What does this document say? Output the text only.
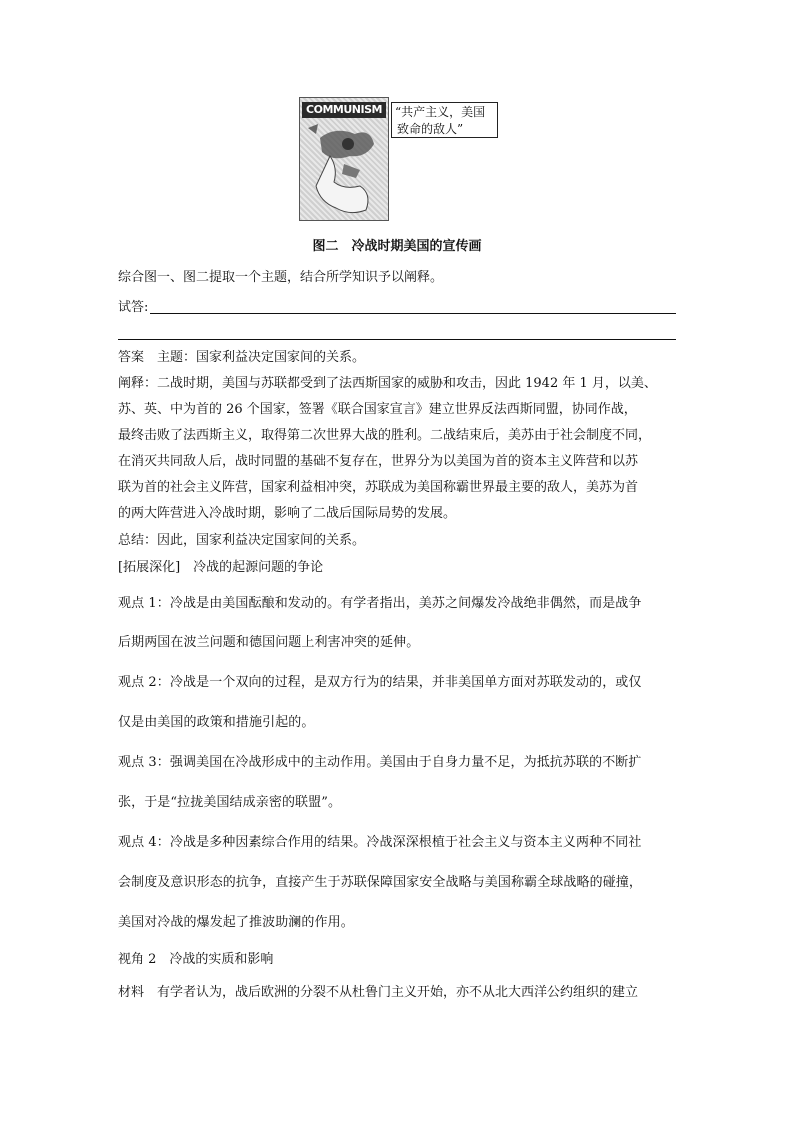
COMMUNISM	“共产主义，美国
致命的敌人”
图二　冷战时期美国的宣传画
综合图一、图二提取一个主题，结合所学知识予以阐释。
试答:
答案　主题：国家利益决定国家间的关系。
阐释：二战时期，美国与苏联都受到了法西斯国家的威胁和攻击，因此 1942 年 1 月，以美、
苏、英、中为首的 26 个国家，签署《联合国家宣言》建立世界反法西斯同盟，协同作战，
最终击败了法西斯主义，取得第二次世界大战的胜利。二战结束后，美苏由于社会制度不同，
在消灭共同敌人后，战时同盟的基础不复存在，世界分为以美国为首的资本主义阵营和以苏
联为首的社会主义阵营，国家利益相冲突，苏联成为美国称霸世界最主要的敌人，美苏为首
的两大阵营进入冷战时期，影响了二战后国际局势的发展。
总结：因此，国家利益决定国家间的关系。
[拓展深化]　冷战的起源问题的争论
观点 1：冷战是由美国酝酿和发动的。有学者指出，美苏之间爆发冷战绝非偶然，而是战争
后期两国在波兰问题和德国问题上利害冲突的延伸。
观点 2：冷战是一个双向的过程，是双方行为的结果，并非美国单方面对苏联发动的，或仅
仅是由美国的政策和措施引起的。
观点 3：强调美国在冷战形成中的主动作用。美国由于自身力量不足，为抵抗苏联的不断扩
张，于是“拉拢美国结成亲密的联盟”。
观点 4：冷战是多种因素综合作用的结果。冷战深深根植于社会主义与资本主义两种不同社
会制度及意识形态的抗争，直接产生于苏联保障国家安全战略与美国称霸全球战略的碰撞，
美国对冷战的爆发起了推波助澜的作用。
视角 2　冷战的实质和影响
材料　有学者认为，战后欧洲的分裂不从杜鲁门主义开始，亦不从北大西洋公约组织的建立
